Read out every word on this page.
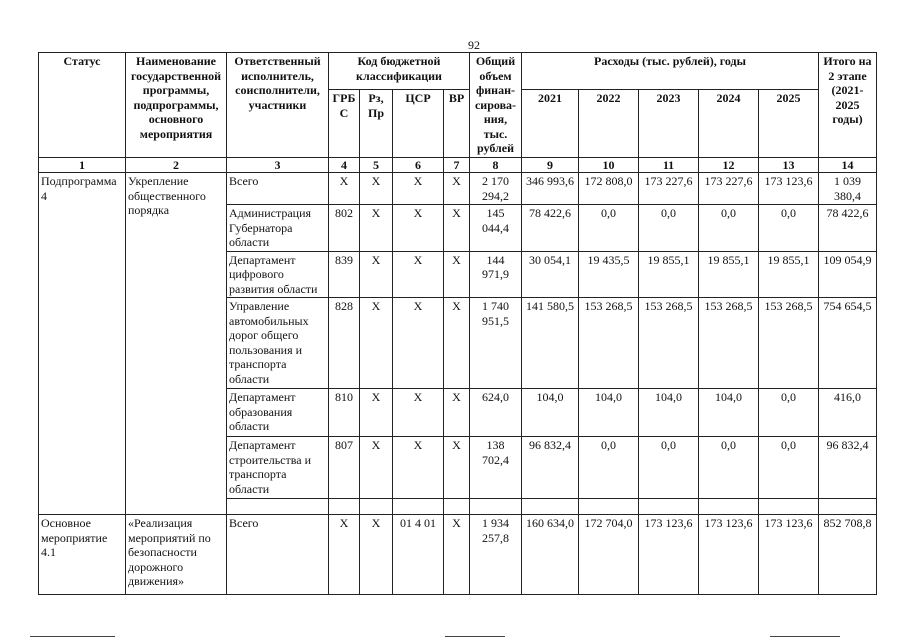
92
Статус	Наименование государственной программы, подпрограммы, основного мероприятия	Ответственный исполнитель, соисполнители, участники	Код бюджетной классификации				Общий объем финан-сирова-ния, тыс. рублей	Расходы (тыс. рублей), годы					Итого на 2 этапе (2021-2025 годы)
			ГРБ С	Рз, Пр	ЦСР	ВР		2021	2022	2023	2024	2025	
1	2	3	4	5	6	7	8	9	10	11	12	13	14
Подпрограмма 4	Укрепление общественного порядка	Всего	Х	Х	Х	Х	2 170 294,2	346 993,6	172 808,0	173 227,6	173 227,6	173 123,6	1 039 380,4
		Администрация Губернатора области	802	Х	Х	Х	145 044,4	78 422,6	0,0	0,0	0,0	0,0	78 422,6
		Департамент цифрового развития области	839	Х	Х	Х	144 971,9	30 054,1	19 435,5	19 855,1	19 855,1	19 855,1	109 054,9
		Управление автомобильных дорог общего пользования и транспорта области	828	Х	Х	Х	1 740 951,5	141 580,5	153 268,5	153 268,5	153 268,5	153 268,5	754 654,5
		Департамент образования области	810	Х	Х	Х	624,0	104,0	104,0	104,0	104,0	0,0	416,0
		Департамент строительства и транспорта области	807	Х	Х	Х	138 702,4	96 832,4	0,0	0,0	0,0	0,0	96 832,4

Основное мероприятие 4.1	«Реализация мероприятий по безопасности дорожного движения»	Всего	Х	Х	01 4 01	Х	1 934 257,8	160 634,0	172 704,0	173 123,6	173 123,6	173 123,6	852 708,8
